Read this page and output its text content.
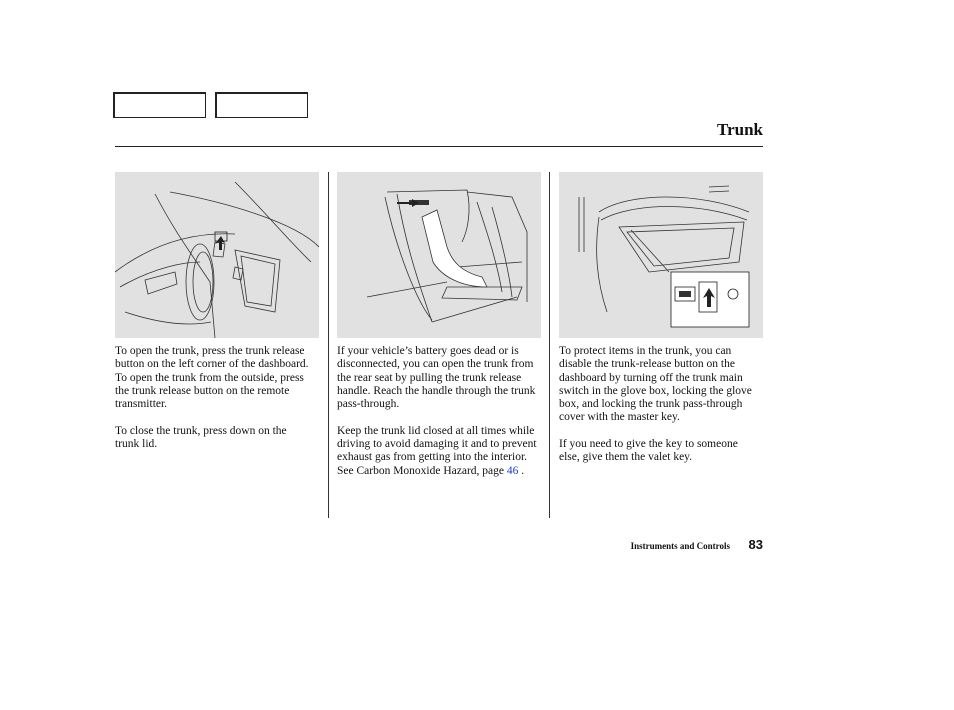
Trunk

To open the trunk, press the trunk release button on the left corner of the dashboard. To open the trunk from the outside, press the trunk release button on the remote transmitter.

To close the trunk, press down on the trunk lid.

If your vehicle’s battery goes dead or is disconnected, you can open the trunk from the rear seat by pulling the trunk release handle. Reach the handle through the trunk pass-through.

Keep the trunk lid closed at all times while driving to avoid damaging it and to prevent exhaust gas from getting into the interior. See Carbon Monoxide Hazard, page 46 .

To protect items in the trunk, you can disable the trunk-release button on the dashboard by turning off the trunk main switch in the glove box, locking the glove box, and locking the trunk pass-through cover with the master key.

If you need to give the key to someone else, give them the valet key.

Instruments and Controls 83
